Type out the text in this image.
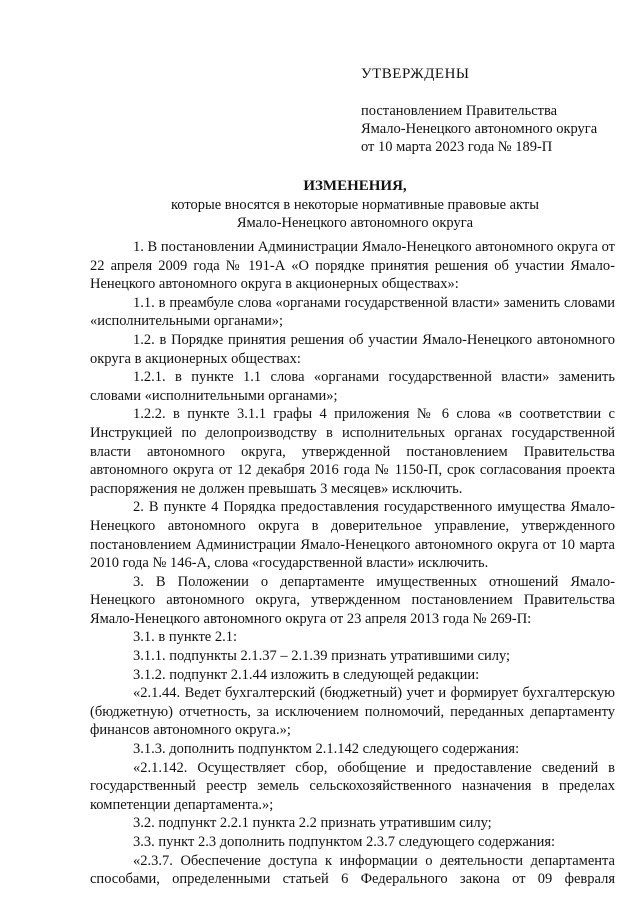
УТВЕРЖДЕНЫ
постановлением Правительства
Ямало-Ненецкого автономного округа
от 10 марта 2023 года № 189-П
ИЗМЕНЕНИЯ,
которые вносятся в некоторые нормативные правовые акты
Ямало-Ненецкого автономного округа

1. В постановлении Администрации Ямало-Ненецкого автономного округа от 22 апреля 2009 года № 191-А «О порядке принятия решения об участии Ямало-Ненецкого автономного округа в акционерных обществах»:

1.1. в преамбуле слова «органами государственной власти» заменить словами «исполнительными органами»;

1.2. в Порядке принятия решения об участии Ямало-Ненецкого автономного округа в акционерных обществах:

1.2.1. в пункте 1.1 слова «органами государственной власти» заменить словами «исполнительными органами»;

1.2.2. в пункте 3.1.1 графы 4 приложения № 6 слова «в соответствии с Инструкцией по делопроизводству в исполнительных органах государственной власти автономного округа, утвержденной постановлением Правительства автономного округа от 12 декабря 2016 года № 1150-П, срок согласования проекта распоряжения не должен превышать 3 месяцев» исключить.

2. В пункте 4 Порядка предоставления государственного имущества Ямало-Ненецкого автономного округа в доверительное управление, утвержденного постановлением Администрации Ямало-Ненецкого автономного округа от 10 марта 2010 года № 146-А, слова «государственной власти» исключить.

3. В Положении о департаменте имущественных отношений Ямало-Ненецкого автономного округа, утвержденном постановлением Правительства Ямало-Ненецкого автономного округа от 23 апреля 2013 года № 269-П:

3.1. в пункте 2.1:

3.1.1. подпункты 2.1.37 – 2.1.39 признать утратившими силу;

3.1.2. подпункт 2.1.44 изложить в следующей редакции:

«2.1.44. Ведет бухгалтерский (бюджетный) учет и формирует бухгалтерскую (бюджетную) отчетность, за исключением полномочий, переданных департаменту финансов автономного округа.»;

3.1.3. дополнить подпунктом 2.1.142 следующего содержания:

«2.1.142. Осуществляет сбор, обобщение и предоставление сведений в государственный реестр земель сельскохозяйственного назначения в пределах компетенции департамента.»;

3.2. подпункт 2.2.1 пункта 2.2 признать утратившим силу;

3.3. пункт 2.3 дополнить подпунктом 2.3.7 следующего содержания:

«2.3.7. Обеспечение доступа к информации о деятельности департамента способами, определенными статьей 6 Федерального закона от 09 февраля
